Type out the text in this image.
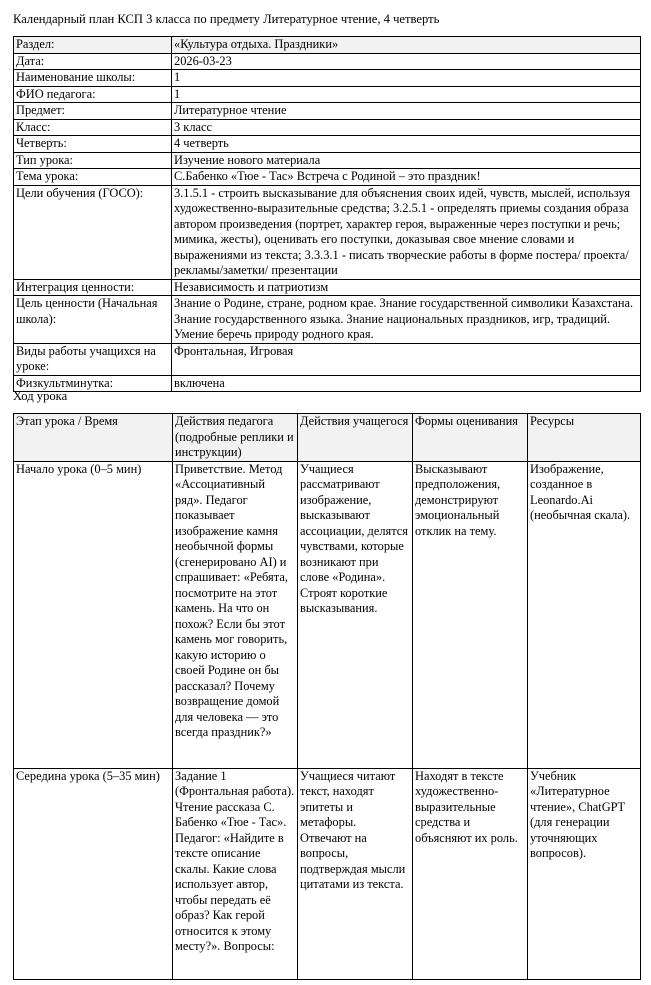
Календарный план КСП 3 класса по предмету Литературное чтение, 4 четверть
Раздел:	«Культура отдыха. Праздники»
Дата:	2026-03-23
Наименование школы:	1
ФИО педагога:	1
Предмет:	Литературное чтение
Класс:	3 класс
Четверть:	4 четверть
Тип урока:	Изучение нового материала
Тема урока:	С.Бабенко «Тюе - Тас» Встреча с Родиной – это праздник!
Цели обучения (ГОСО):	3.1.5.1 - строить высказывание для объяснения своих идей, чувств, мыслей, используя художественно-выразительные средства; 3.2.5.1 - определять приемы создания образа автором произведения (портрет, характер героя, выраженные через поступки и речь; мимика, жесты), оценивать его поступки, доказывая свое мнение словами и выражениями из текста; 3.3.3.1 - писать творческие работы в форме постера/ проекта/ рекламы/заметки/ презентации
Интеграция ценности:	Независимость и патриотизм
Цель ценности (Начальная школа):	Знание о Родине, стране, родном крае. Знание государственной символики Казахстана. Знание государственного языка. Знание национальных праздников, игр, традиций. Умение беречь природу родного края.
Виды работы учащихся на уроке:	Фронтальная, Игровая
Физкультминутка:	включена
Ход урока
Этап урока / Время	Действия педагога (подробные реплики и инструкции)	Действия учащегося	Формы оценивания	Ресурсы
Начало урока (0–5 мин)	Приветствие. Метод «Ассоциативный ряд». Педагог показывает изображение камня необычной формы (сгенерировано AI) и спрашивает: «Ребята, посмотрите на этот камень. На что он похож? Если бы этот камень мог говорить, какую историю о своей Родине он бы рассказал? Почему возвращение домой для человека — это всегда праздник?»	Учащиеся рассматривают изображение, высказывают ассоциации, делятся чувствами, которые возникают при слове «Родина». Строят короткие высказывания.	Высказывают предположения, демонстрируют эмоциональный отклик на тему.	Изображение, созданное в Leonardo.Ai (необычная скала).
Середина урока (5–35 мин)	Задание 1 (Фронтальная работа). Чтение рассказа С. Бабенко «Тюе - Тас». Педагог: «Найдите в тексте описание скалы. Какие слова использует автор, чтобы передать её образ? Как герой относится к этому месту?». Вопросы:	Учащиеся читают текст, находят эпитеты и метафоры. Отвечают на вопросы, подтверждая мысли цитатами из текста.	Находят в тексте художественно-выразительные средства и объясняют их роль.	Учебник «Литературное чтение», ChatGPT (для генерации уточняющих вопросов).
